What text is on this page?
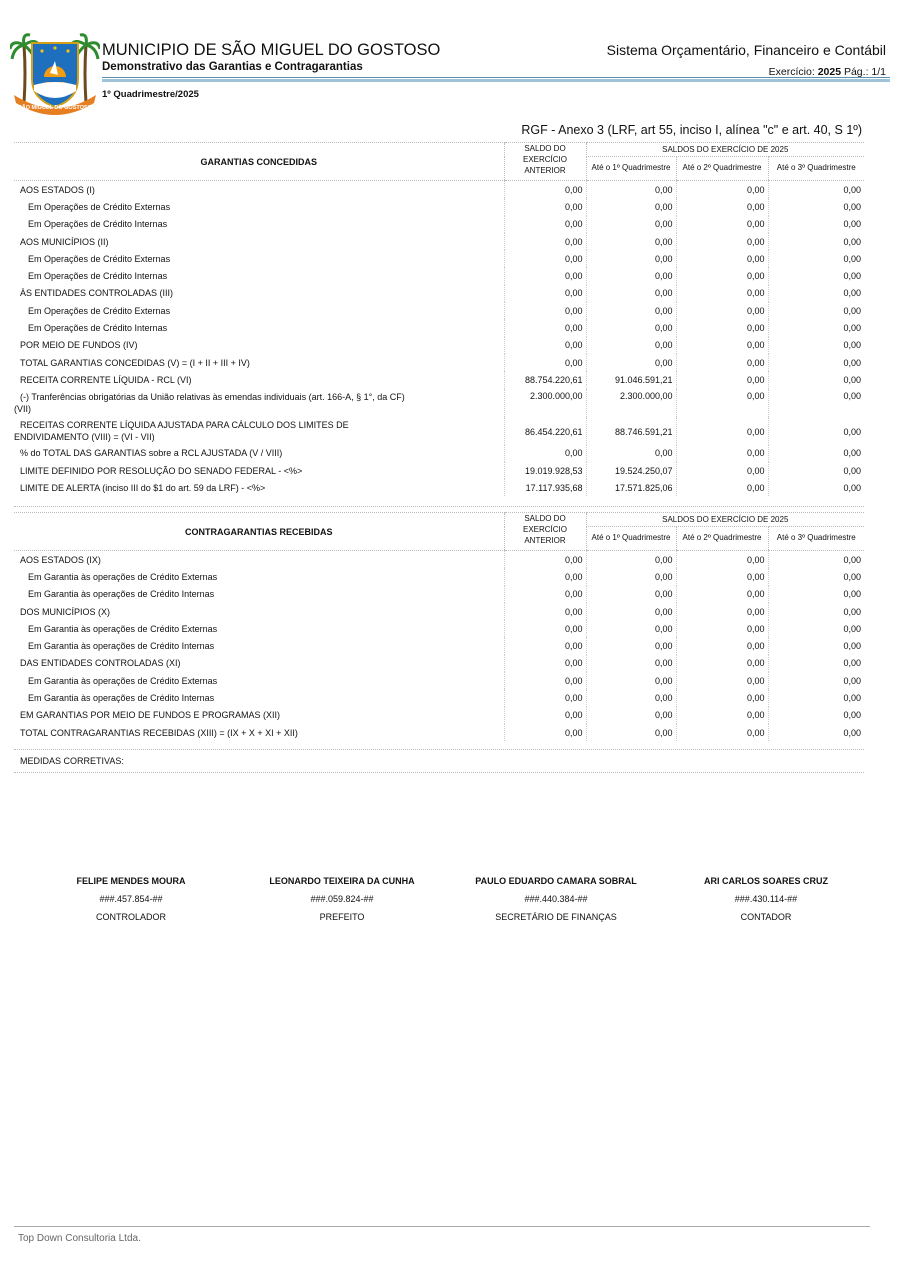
SÃO MIGUEL DO GOSTOSO
MUNICIPIO DE SÃO MIGUEL DO GOSTOSO
Demonstrativo das Garantias e Contragarantias
1º Quadrimestre/2025
Sistema Orçamentário, Financeiro e Contábil
Exercício: 2025 Pág.: 1/1
RGF - Anexo 3 (LRF, art 55, inciso I, alínea "c" e art. 40, S 1º)
GARANTIAS CONCEDIDAS	SALDO DO EXERCÍCIO ANTERIOR	SALDOS DO EXERCÍCIO DE 2025		
		Até o 1º Quadrimestre	Até o 2º Quadrimestre	Até o 3º Quadrimestre
AOS ESTADOS (I)	0,00	0,00	0,00	0,00
Em Operações de Crédito Externas	0,00	0,00	0,00	0,00
Em Operações de Crédito Internas	0,00	0,00	0,00	0,00
AOS MUNICÍPIOS (II)	0,00	0,00	0,00	0,00
Em Operações de Crédito Externas	0,00	0,00	0,00	0,00
Em Operações de Crédito Internas	0,00	0,00	0,00	0,00
ÀS ENTIDADES CONTROLADAS (III)	0,00	0,00	0,00	0,00
Em Operações de Crédito Externas	0,00	0,00	0,00	0,00
Em Operações de Crédito Internas	0,00	0,00	0,00	0,00
POR MEIO DE FUNDOS (IV)	0,00	0,00	0,00	0,00
TOTAL GARANTIAS CONCEDIDAS (V) = (I + II + III + IV)	0,00	0,00	0,00	0,00
RECEITA CORRENTE LÍQUIDA - RCL (VI)	88.754.220,61	91.046.591,21	0,00	0,00
(-) Tranferências obrigatórias da União relativas às emendas individuais (art. 166-A, § 1°, da CF)
(VII)	2.300.000,00	2.300.000,00	0,00	0,00
RECEITAS CORRENTE LÍQUIDA AJUSTADA PARA CÁLCULO DOS LIMITES DE
ENDIVIDAMENTO (VIII) = (VI - VII)	86.454.220,61	88.746.591,21	0,00	0,00
% do TOTAL DAS GARANTIAS sobre a RCL AJUSTADA (V / VIII)	0,00	0,00	0,00	0,00
LIMITE DEFINIDO POR RESOLUÇÃO DO SENADO FEDERAL - <%>	19.019.928,53	19.524.250,07	0,00	0,00
LIMITE DE ALERTA (inciso III do $1 do art. 59 da LRF) - <%>	17.117.935,68	17.571.825,06	0,00	0,00
CONTRAGARANTIAS RECEBIDAS	SALDO DO EXERCÍCIO ANTERIOR	SALDOS DO EXERCÍCIO DE 2025		
		Até o 1º Quadrimestre	Até o 2º Quadrimestre	Até o 3º Quadrimestre
AOS ESTADOS (IX)	0,00	0,00	0,00	0,00
Em Garantia às operações de Crédito Externas	0,00	0,00	0,00	0,00
Em Garantia às operações de Crédito Internas	0,00	0,00	0,00	0,00
DOS MUNICÍPIOS (X)	0,00	0,00	0,00	0,00
Em Garantia às operações de Crédito Externas	0,00	0,00	0,00	0,00
Em Garantia às operações de Crédito Internas	0,00	0,00	0,00	0,00
DAS ENTIDADES CONTROLADAS (XI)	0,00	0,00	0,00	0,00
Em Garantia às operações de Crédito Externas	0,00	0,00	0,00	0,00
Em Garantia às operações de Crédito Internas	0,00	0,00	0,00	0,00
EM GARANTIAS POR MEIO DE FUNDOS E PROGRAMAS (XII)	0,00	0,00	0,00	0,00
TOTAL CONTRAGARANTIAS RECEBIDAS (XIII) = (IX + X + XI + XII)	0,00	0,00	0,00	0,00
MEDIDAS CORRETIVAS:
FELIPE MENDES MOURA
###.457.854-##
CONTROLADOR
LEONARDO TEIXEIRA DA CUNHA
###.059.824-##
PREFEITO
PAULO EDUARDO CAMARA SOBRAL
###.440.384-##
SECRETÁRIO DE FINANÇAS
ARI CARLOS SOARES CRUZ
###.430.114-##
CONTADOR
Top Down Consultoria Ltda.
